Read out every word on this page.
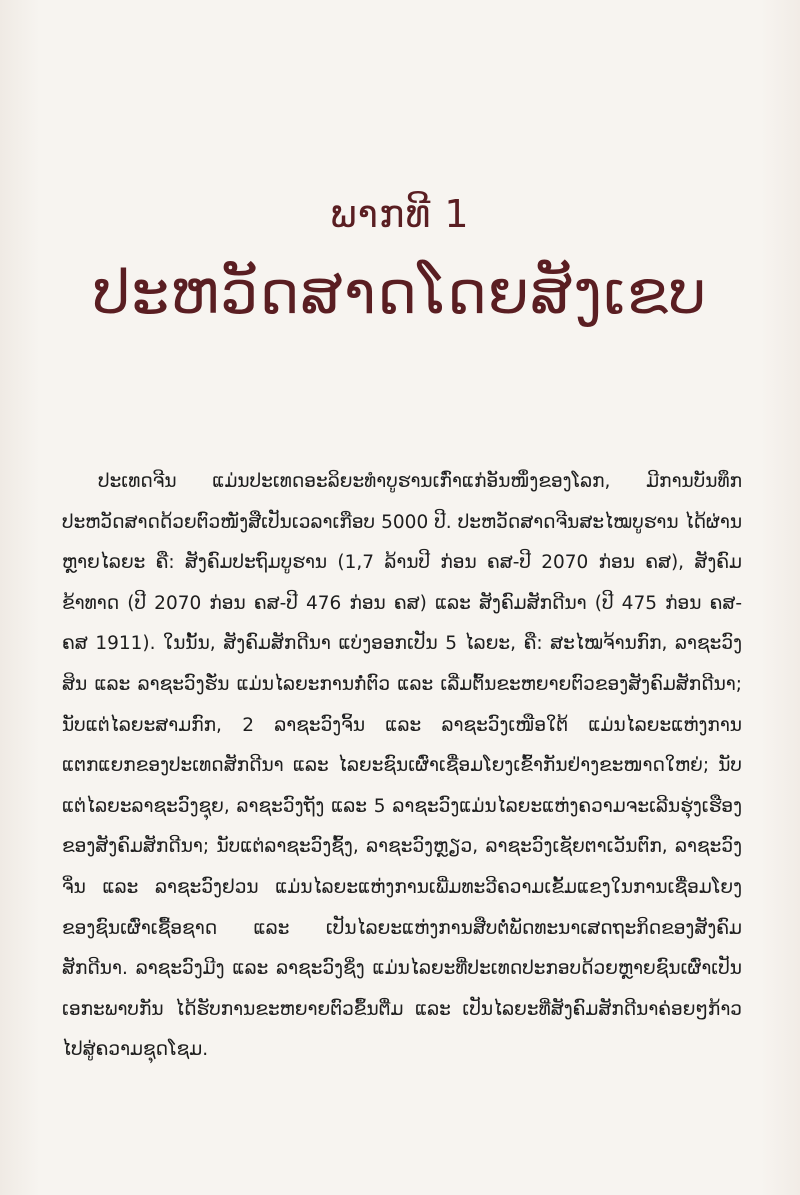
ພາກທີ 1
ປະຫວັດສາດໂດຍສັງເຂບ

ປະເທດຈີນ ແມ່ນປະເທດອະລິຍະທຳບູຮານເກົ່າແກ່ອັນໜຶ່ງຂອງໂລກ, ມີການບັນທຶກປະຫວັດສາດດ້ວຍຕົວໜັງສືເປັນເວລາເກືອບ 5000 ປີ. ປະຫວັດສາດຈີນສະໄໝບູຮານ ໄດ້ຜ່ານຫຼາຍໄລຍະ ຄື: ສັງຄົມປະຖົມບູຮານ (1,7 ລ້ານປີ ກ່ອນ ຄສ-ປີ 2070 ກ່ອນ ຄສ), ສັງຄົມຂ້າທາດ (ປີ 2070 ກ່ອນ ຄສ-ປີ 476 ກ່ອນ ຄສ) ແລະ ສັງຄົມສັກດີນາ (ປີ 475 ກ່ອນ ຄສ- ຄສ 1911). ໃນນັ້ນ, ສັງຄົມສັກດີນາ ແບ່ງອອກເປັນ 5 ໄລຍະ, ຄື: ສະໄໝຈ້ານກົກ, ລາຊະວົງສິນ ແລະ ລາຊະວົງຮັ່ນ ແມ່ນໄລຍະການກໍ່ຕົວ ແລະ ເລີ່ມຕົ້ນຂະຫຍາຍຕົວຂອງສັງຄົມສັກດີນາ; ນັບແຕ່ໄລຍະສາມກົກ, 2 ລາຊະວົງຈິ້ນ ແລະ ລາຊະວົງເໜືອໃຕ້ ແມ່ນໄລຍະແຫ່ງການແຕກແຍກຂອງປະເທດສັກດີນາ ແລະ ໄລຍະຊົນເຜົ່າເຊື່ອມໂຍງເຂົ້າກັນຢ່າງຂະໜາດໃຫຍ່; ນັບແຕ່ໄລຍະລາຊະວົງຊຸຍ, ລາຊະວົງຖັງ ແລະ 5 ລາຊະວົງແມ່ນໄລຍະແຫ່ງຄວາມຈະເລີນຮຸ່ງເຮືອງຂອງສັງຄົມສັກດີນາ; ນັບແຕ່ລາຊະວົງຊົ້ງ, ລາຊະວົງຫຼຽວ, ລາຊະວົງເຊັຍຕາເວັນຕົກ, ລາຊະວົງຈິ່ນ ແລະ ລາຊະວົງຢວນ ແມ່ນໄລຍະແຫ່ງການເພີ່ມທະວີຄວາມເຂັ້ມແຂງໃນການເຊື່ອມໂຍງຂອງຊົນເຜົ່າເຊື້ອຊາດ ແລະ ເປັນໄລຍະແຫ່ງການສືບຕໍ່ພັດທະນາເສດຖະກິດຂອງສັງຄົມສັກດີນາ. ລາຊະວົງມີງ ແລະ ລາຊະວົງຊິ່ງ ແມ່ນໄລຍະທີ່ປະເທດປະກອບດ້ວຍຫຼາຍຊົນເຜົ່າເປັນເອກະພາບກັນ ໄດ້ຮັບການຂະຫຍາຍຕົວຂຶ້ນຕື່ມ ແລະ ເປັນໄລຍະທີ່ສັງຄົມສັກດີນາຄ່ອຍໆກ້າວໄປສູ່ຄວາມຊຸດໂຊມ.
